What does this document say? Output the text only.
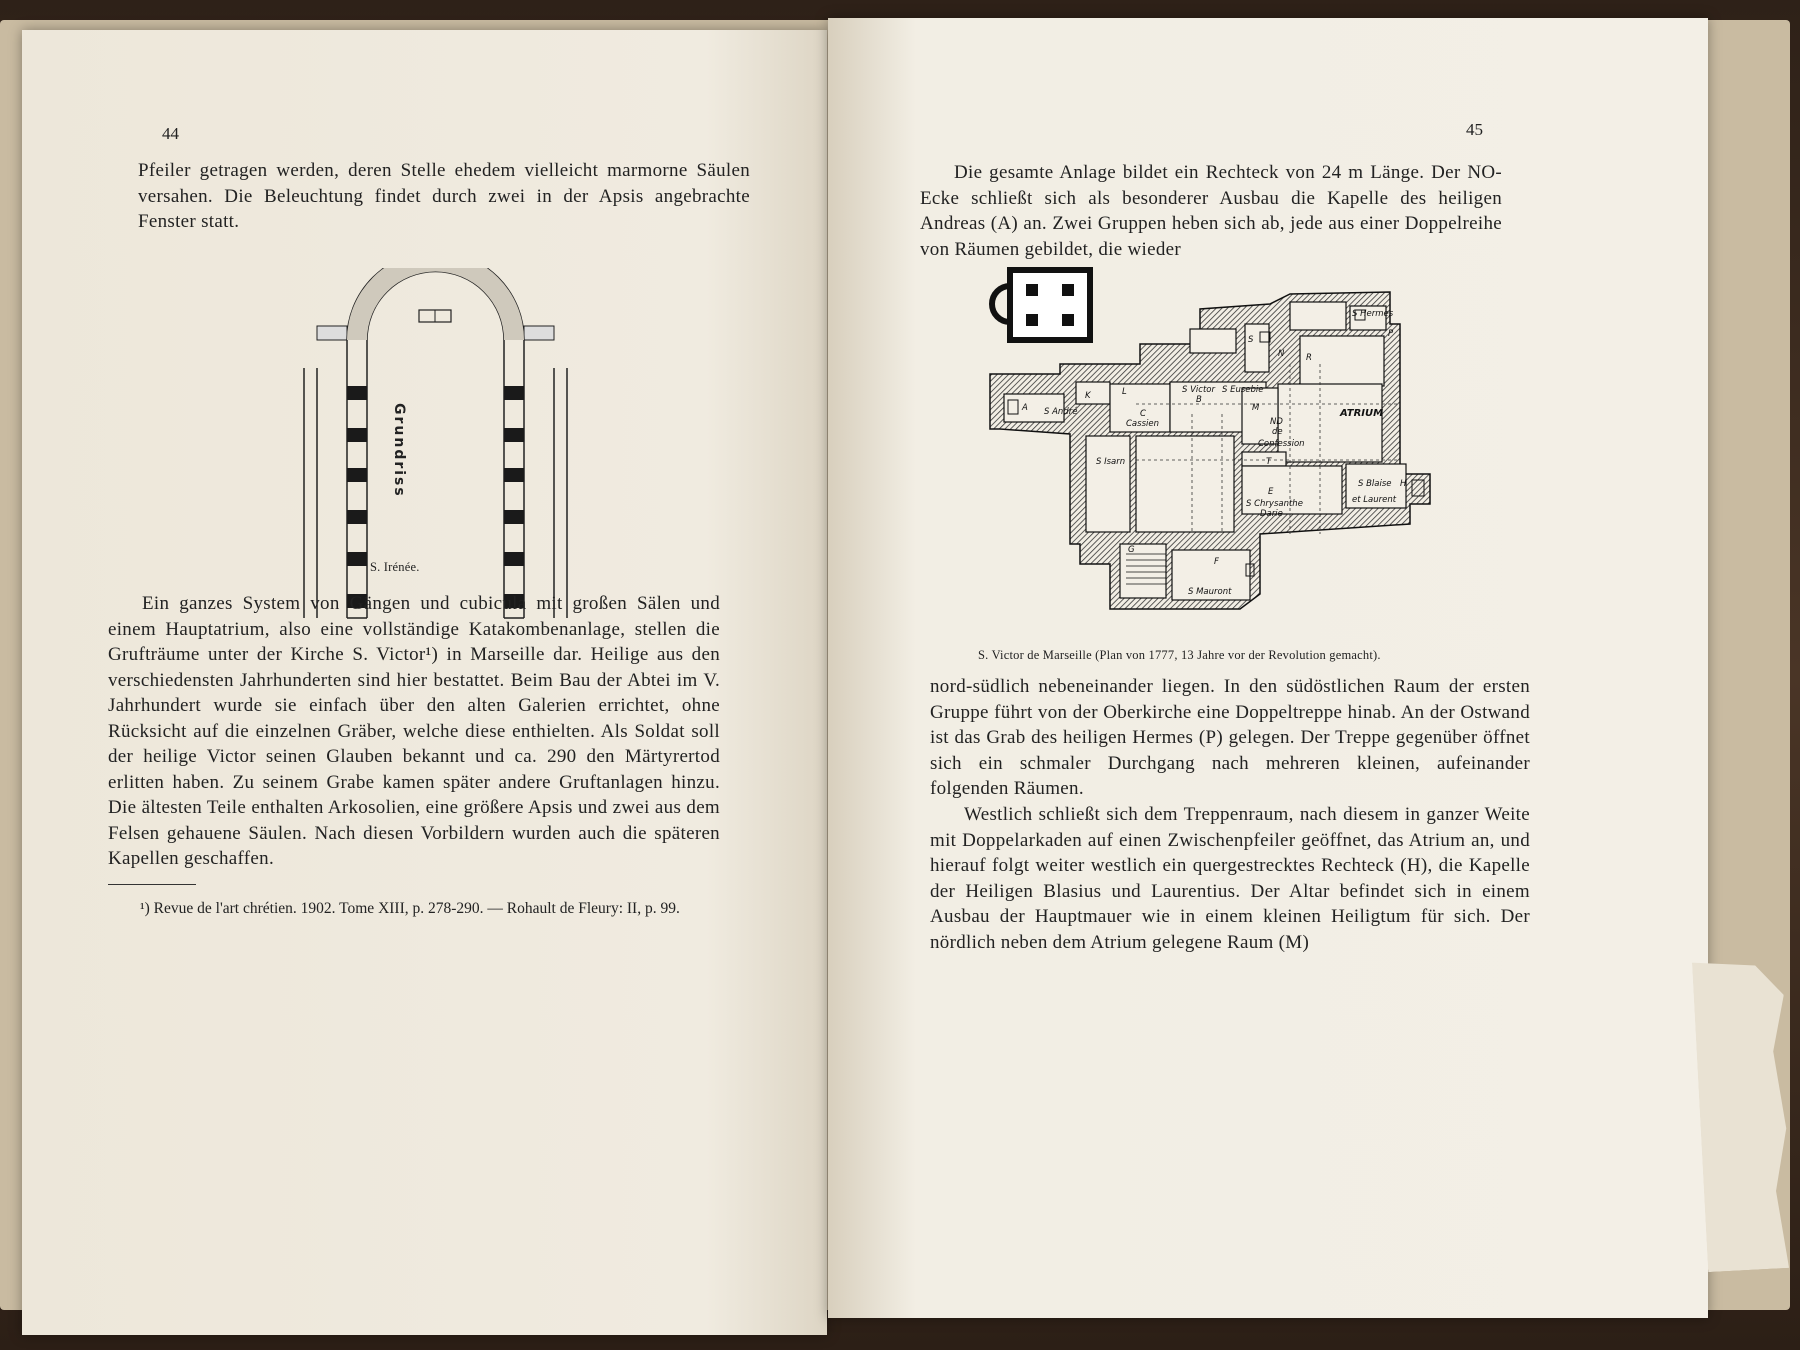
44

Pfeiler getragen werden, deren Stelle ehedem vielleicht marmorne Säulen versahen. Die Beleuchtung findet durch zwei in der Apsis angebrachte Fenster statt.

Grundriss
S. Irénée.

Ein ganzes System von Gängen und cubicula mit großen Sälen und einem Hauptatrium, also eine vollständige Katakombenanlage, stellen die Grufträume unter der Kirche S. Victor¹) in Marseille dar. Heilige aus den verschiedensten Jahrhunderten sind hier bestattet. Beim Bau der Abtei im V. Jahrhundert wurde sie einfach über den alten Galerien errichtet, ohne Rücksicht auf die einzelnen Gräber, welche diese enthielten. Als Soldat soll der heilige Victor seinen Glauben bekannt und ca. 290 den Märtyrertod erlitten haben. Zu seinem Grabe kamen später andere Gruftanlagen hinzu. Die ältesten Teile enthalten Arkosolien, eine größere Apsis und zwei aus dem Felsen gehauene Säulen. Nach diesen Vorbildern wurden auch die späteren Kapellen geschaffen.

¹) Revue de l'art chrétien. 1902. Tome XIII, p. 278-290. — Rohault de Fleury: II, p. 99.

45

Die gesamte Anlage bildet ein Rechteck von 24 m Länge. Der NO-Ecke schließt sich als besonderer Ausbau die Kapelle des heiligen Andreas (A) an. Zwei Gruppen heben sich ab, jede aus einer Doppelreihe von Räumen gebildet, die wieder

S Hermes
P
S
N	R
K	L	S Victor S Eusebie
B
A S André	C
Cassien
M	ATRIUM
ND
de
Confession
S Isarn	T
E
S Chrysanthe
Darie
S Blaise
et Laurent
H
G
F
S Mauront
S. Victor de Marseille (Plan von 1777, 13 Jahre vor der Revolution gemacht).

nord-südlich nebeneinander liegen. In den südöstlichen Raum der ersten Gruppe führt von der Oberkirche eine Doppeltreppe hinab. An der Ostwand ist das Grab des heiligen Hermes (P) gelegen. Der Treppe gegenüber öffnet sich ein schmaler Durchgang nach mehreren kleinen, aufeinander folgenden Räumen.

Westlich schließt sich dem Treppenraum, nach diesem in ganzer Weite mit Doppelarkaden auf einen Zwischenpfeiler geöffnet, das Atrium an, und hierauf folgt weiter westlich ein quergestrecktes Rechteck (H), die Kapelle der Heiligen Blasius und Laurentius. Der Altar befindet sich in einem Ausbau der Hauptmauer wie in einem kleinen Heiligtum für sich. Der nördlich neben dem Atrium gelegene Raum (M)
